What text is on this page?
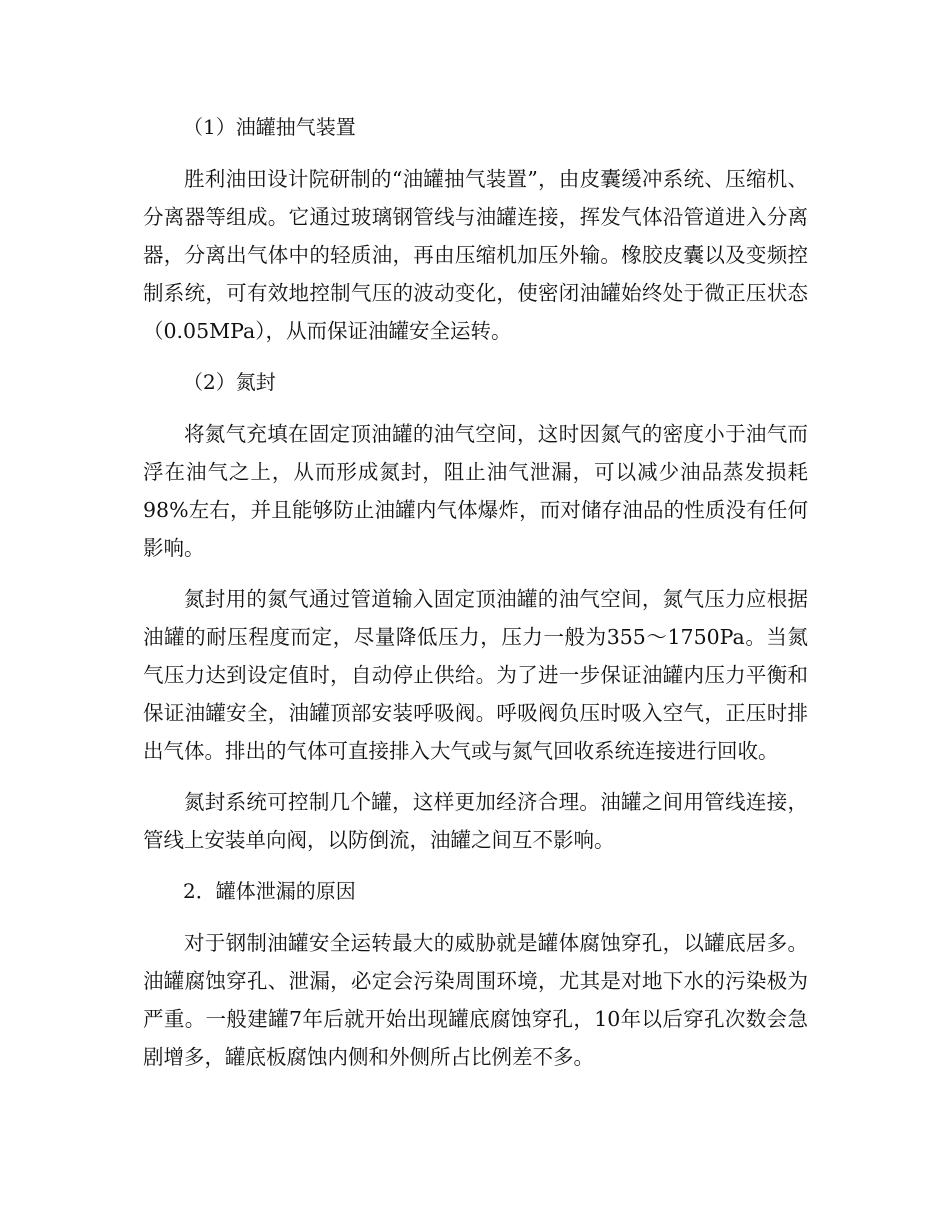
（1）油罐抽气装置

胜利油田设计院研制的“油罐抽气装置”，由皮囊缓冲系统、压缩机、分离器等组成。它通过玻璃钢管线与油罐连接，挥发气体沿管道进入分离器，分离出气体中的轻质油，再由压缩机加压外输。橡胶皮囊以及变频控制系统，可有效地控制气压的波动变化，使密闭油罐始终处于微正压状态（0.05MPa），从而保证油罐安全运转。

（2）氮封

将氮气充填在固定顶油罐的油气空间，这时因氮气的密度小于油气而浮在油气之上，从而形成氮封，阻止油气泄漏，可以减少油品蒸发损耗98%左右，并且能够防止油罐内气体爆炸，而对储存油品的性质没有任何影响。

氮封用的氮气通过管道输入固定顶油罐的油气空间，氮气压力应根据油罐的耐压程度而定，尽量降低压力，压力一般为355～1750Pa。当氮气压力达到设定值时，自动停止供给。为了进一步保证油罐内压力平衡和保证油罐安全，油罐顶部安装呼吸阀。呼吸阀负压时吸入空气，正压时排出气体。排出的气体可直接排入大气或与氮气回收系统连接进行回收。

氮封系统可控制几个罐，这样更加经济合理。油罐之间用管线连接，管线上安装单向阀，以防倒流，油罐之间互不影响。

2．罐体泄漏的原因

对于钢制油罐安全运转最大的威胁就是罐体腐蚀穿孔，以罐底居多。油罐腐蚀穿孔、泄漏，必定会污染周围环境，尤其是对地下水的污染极为严重。一般建罐7年后就开始出现罐底腐蚀穿孔，10年以后穿孔次数会急剧增多，罐底板腐蚀内侧和外侧所占比例差不多。
